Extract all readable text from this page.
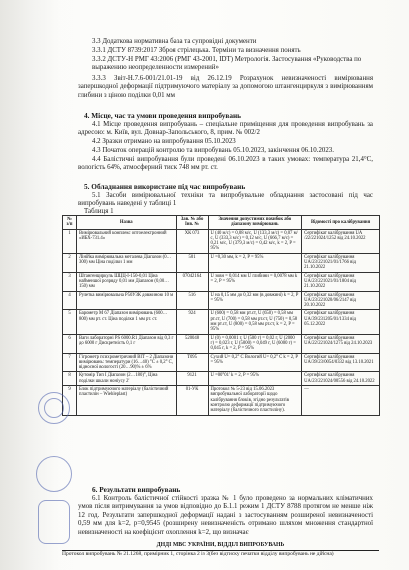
3.3 Додаткова нормативна база та супровідні документи

3.3.1 ДСТУ 8739:2017 Зброя стрілецька. Терміни та визначення понять

3.3.2 ДСТУ-Н РМГ 43:2006 (РМГ 43-2001, IDT) Метрологія. Застосування «Руководства по выражению неопределенности измерений»

3.3.3 Звіт-Н.7.6-001/21.01-19 від 26.12.19 Розрахунок невизначеності вимірювання запершкодної деформації підтримуючого матеріалу за допомогою штангенциркуля з вимірюванням глибини з ціною поділки 0,01 мм

4. Місце, час та умови проведення випробувань

4.1 Місце проведення випробувань – спеціальне приміщення для проведення випробувань за адресою: м. Київ, вул. Довнар-Запольського, 8, прим. № 002/2

4.2 Зразки отримано на випробування 05.10.2023

4.3 Початок операцій контролю та випробувань 05.10.2023, закінчення 06.10.2023.

4.4 Балістичні випробування були проведені 06.10.2023 в таких умовах: температура 21,4°С, вологість 64%, атмосферний тиск 748 мм рт. ст.

5. Обладнання використане під час випробувань

5.1 Засоби вимірювальної техніки та випробувальне обладнання застосовані під час випробувань наведені у таблиці 1

Таблиця 1

№ з/п	Назва	Зав. № або Інв. №	Значення допустимих похибок або діапазону вимірювань	Відомості про калібрування
1	Вимірювальний комплекс оптоелектронний «ИБХ-731.4»	ХК 073	U (40 м/с) = 0,08 м/с, U (133,3 м/с) = 0,07 м/с, U (333,3 м/с) = 0,12 м/с, U (666,7 м/с) = 0,21 м/с, U (379,3 м/с) = 0,42 м/с, k = 2, P = 95%	Сертифікат калібрування UA /22/221024/1252 від 24.10.2022
2	Лінійка вимірювальна металева Діапазон (0…300) мм Ціна поділки 1 мм	501	U =0,30 мм, k = 2, P = 95%	Сертифікат калібрування UA/23/221021/01/1766 від 21.10.2022
3	Штангенциркуль ШЦЦ-I-150-0,01 Ціна найменшої розряду 0,01 мм Діапазон (0,00…150) мм	07042164	U зовн = 0,014 мм U глибини = 0,0078 мм k = 2, P = 95%	Сертифікат калібрування UA/23/221021/01/1804 від 21.10.2022
4	Рулетка вимірювальна Р50УЗК довжиною 10 м	516	U на 0,15 мм до 0,32 мм (в довжині) k = 2, P = 95%	Сертифікат калібрування UA/23/221020/06/2147 від 20.10.2022
5	Барометр М 67 Діапазон вимірювань (600…800) мм рт. ст. Ціна поділки 1 мм рт. ст.	924	U (600) = 0,58 мм рт.ст, U (650) = 0,58 мм рт.ст, U (700) = 0,58 мм рт.ст, U (750) = 0,58 мм рт.ст, U (800) = 0,58 мм рт.ст, k = 2, P = 95%	Сертифікат калібрування UA/39/231205/01/1334 від 05.12.2022
6	Ваги лабораторні PS 6000.R1 Діапазон від 0,3 г до 6000 г Дискретність 0,1 г	520048	U (0) = 0,0001 г, U (500 г) = 0,02 г, U (2000 г) = 0,023 г, U (5000) = 0,049 г, U (6000 г) = 0,045 г, k = 2, P = 95%	Сертифікат калібрування UA/22/221024/1275 від 24.10.2023
7	Гігрометр психрометричний ВІТ – 2 Діапазони вимірювань: температури (16…40) °С ± 0,2° С, відносної вологості (20…90)% ± 6%	Т095	Сухий U= 0,2° С Вологий U= 0,2° С k = 2, P = 95%	Сертифікат калібрування UA/39/23/0054/0332 від 13.10.2021
8	Кутомір Тип І Діапазон (2…180)°, Ціна поділки шкали ноніусу 2'	9121	U =00°01' k = 2, P = 95%	Сертифікат калібрування UA/23/221024/00556 від 24.10.2022
9	Блок підтримуючого матеріалу (балістичний пластилін – Wiehleplast)	01-УК	Протокол № 5-23 від 15.06.2023 випробувальної лабораторії щодо калібрування блоків, згідно результатів контролю деформації підтримуючого матеріалу (балістичного пластиліну).	—

6. Результати випробувань

6.1 Контроль балістичної стійкості зразка № 1 було проведено за нормальних кліматичних умов після витримування за умов відповідно до Б.1.1 режим 1 ДСТУ 8788 протягом не менше ніж 12 год. Результати запершкодної деформації надані з застосуванням розширеної невизначеності 0,59 мм для k=2, p=0,9545 (розширену невизначеність отримано шляхом множення стандартної невизначеності на коефіцієнт охоплення k=2, що визначає

ДНДІ МВС УКРАЇНИ, ВІДДІЛ ВИПРОБУВАНЬ
Протокол випробувань № 21.1268, примірник 1, сторінка 2 із 3(без відтиску печатки відділу випробувань не дійсна)
